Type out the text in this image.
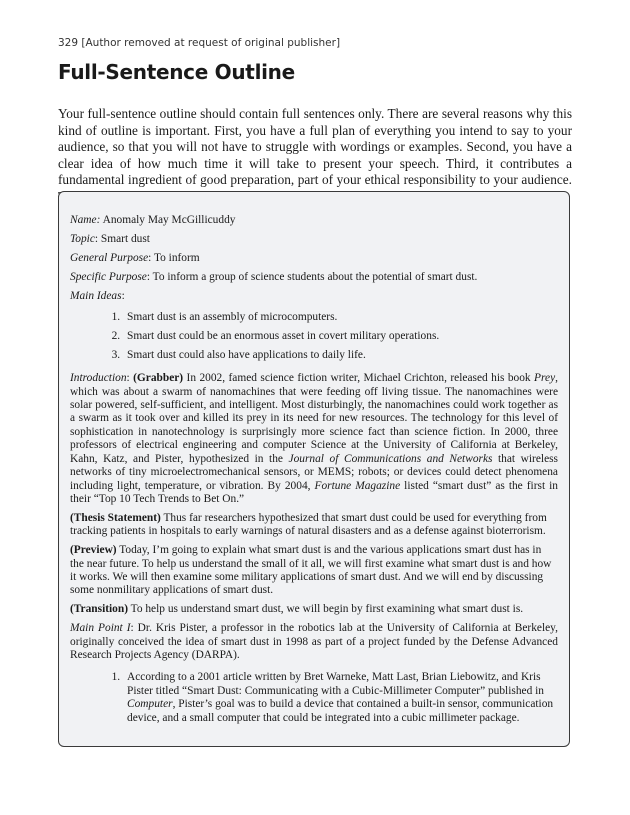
329 [Author removed at request of original publisher]
Full-Sentence Outline

Your full-sentence outline should contain full sentences only. There are several reasons why this kind of outline is important. First, you have a full plan of everything you intend to say to your audience, so that you will not have to struggle with wordings or examples. Second, you have a clear idea of how much time it will take to present your speech. Third, it contributes a fundamental ingredient of good preparation, part of your ethical responsibility to your audience.

Name: Anomaly May McGillicuddy

Topic: Smart dust

General Purpose: To inform

Specific Purpose: To inform a group of science students about the potential of smart dust.

Main Ideas:

1. Smart dust is an assembly of microcomputers.
2. Smart dust could be an enormous asset in covert military operations.
3. Smart dust could also have applications to daily life.

Introduction: (Grabber) In 2002, famed science fiction writer, Michael Crichton, released his book Prey, which was about a swarm of nanomachines that were feeding off living tissue. The nanomachines were solar powered, self-sufficient, and intelligent. Most disturbingly, the nanomachines could work together as a swarm as it took over and killed its prey in its need for new resources. The technology for this level of sophistication in nanotechnology is surprisingly more science fact than science fiction. In 2000, three professors of electrical engineering and computer Science at the University of California at Berkeley, Kahn, Katz, and Pister, hypothesized in the Journal of Communications and Networks that wireless networks of tiny microelectromechanical sensors, or MEMS; robots; or devices could detect phenomena including light, temperature, or vibration. By 2004, Fortune Magazine listed “smart dust” as the first in their “Top 10 Tech Trends to Bet On.”

(Thesis Statement) Thus far researchers hypothesized that smart dust could be used for everything from tracking patients in hospitals to early warnings of natural disasters and as a defense against bioterrorism.

(Preview) Today, I’m going to explain what smart dust is and the various applications smart dust has in the near future. To help us understand the small of it all, we will first examine what smart dust is and how it works. We will then examine some military applications of smart dust. And we will end by discussing some nonmilitary applications of smart dust.

(Transition) To help us understand smart dust, we will begin by first examining what smart dust is.

Main Point I: Dr. Kris Pister, a professor in the robotics lab at the University of California at Berkeley, originally conceived the idea of smart dust in 1998 as part of a project funded by the Defense Advanced Research Projects Agency (DARPA).

1. According to a 2001 article written by Bret Warneke, Matt Last, Brian Liebowitz, and Kris Pister titled “Smart Dust: Communicating with a Cubic-Millimeter Computer” published in Computer, Pister’s goal was to build a device that contained a built-in sensor, communication device, and a small computer that could be integrated into a cubic millimeter package.
